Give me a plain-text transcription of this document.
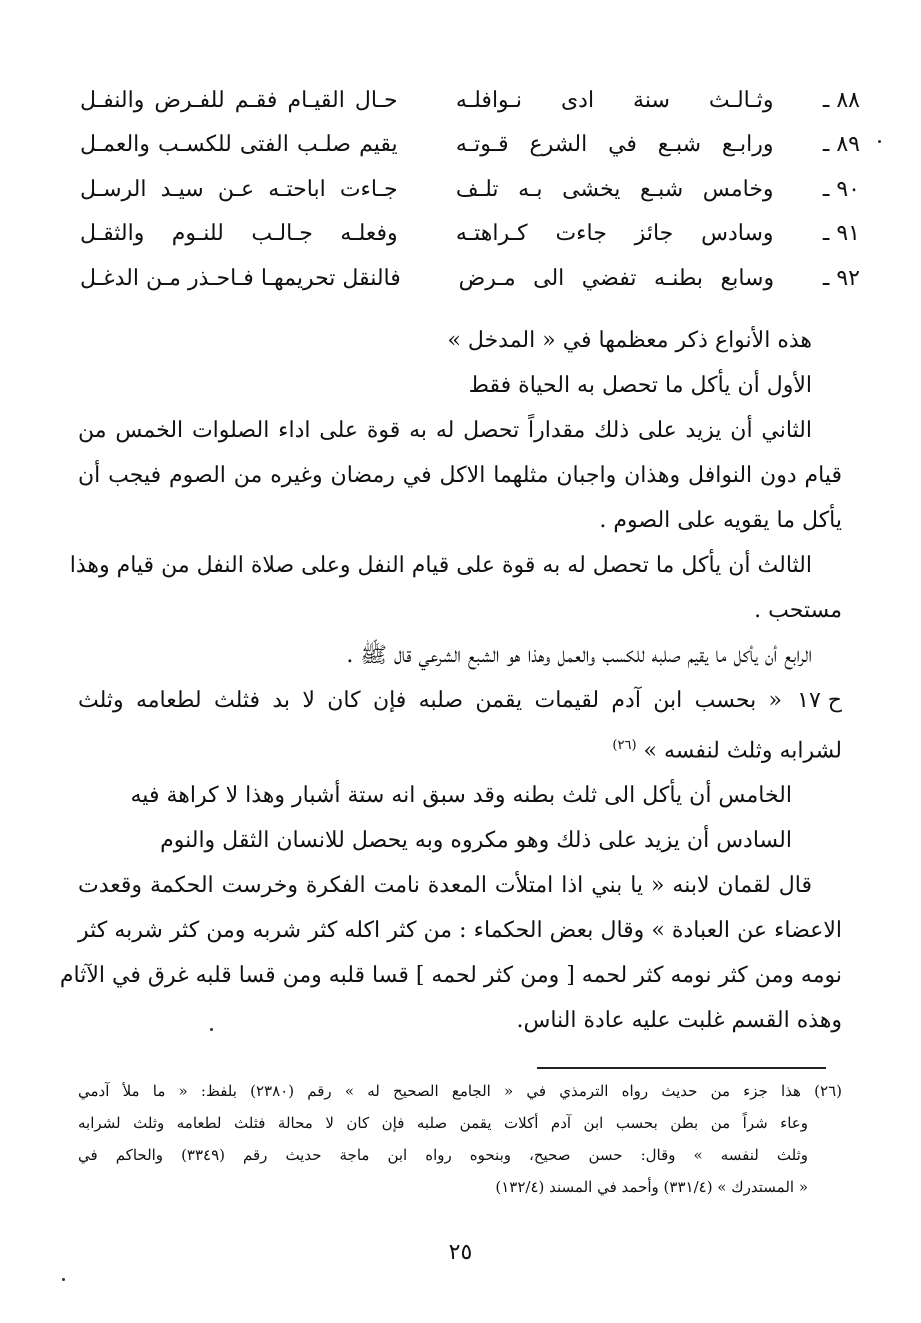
٨٨ ـ
وثـالـث سنة ادى نـوافلـه
حـال القيـام فقـم للفـرض والنفـل
٨٩ ـ
ورابـع شبـع في الشرع قـوتـه
يقيم صلـب الفتى للكسـب والعمـل
٩٠ ـ
وخامس شبـع يخشى بـه تلـف
جـاءت اباحتـه عـن سيـد الرسـل
٩١ ـ
وسادس جائز جاءت كـراهتـه
وفعلـه جـالـب للنـوم والثقـل
٩٢ ـ
وسابع بطنـه تفضي الى مـرض
فالنقل تحريمهـا فـاحـذر مـن الدغـل

هذه الأنواع ذكر معظمها في « المدخل »

الأول أن يأكل ما تحصل به الحياة فقط

الثاني أن يزيد على ذلك مقداراً تحصل له به قوة على اداء الصلوات الخمس من

قيام دون النوافل وهذان واجبان مثلهما الاكل في رمضان وغيره من الصوم فيجب أن

يأكل ما يقويه على الصوم .

الثالث أن يأكل ما تحصل له به قوة على قيام النفل وعلى صلاة النفل من قيام وهذا

مستحب .

الرابع أن يأكل ما يقيم صلبه للكسب والعمل وهذا هو الشبع الشرعي قال ﷺ .

ح ١٧
« بحسب ابن آدم لقيمات يقمن صلبه فإن كان لا بد فثلث لطعامه وثلث

لشرابه وثلث لنفسه » $^{(٢٦)}$

الخامس أن يأكل الى ثلث بطنه وقد سبق انه ستة أشبار وهذا لا كراهة فيه

السادس أن يزيد على ذلك وهو مكروه وبه يحصل للانسان الثقل والنوم

قال لقمان لابنه « يا بني اذا امتلأت المعدة نامت الفكرة وخرست الحكمة وقعدت

الاعضاء عن العبادة » وقال بعض الحكماء : من كثر اكله كثر شربه ومن كثر شربه كثر

نومه ومن كثر نومه كثر لحمه [ ومن كثر لحمه ] قسا قلبه ومن قسا قلبه غرق في الآثام

وهذه القسم غلبت عليه عادة الناس.

(٢٦) هذا جزء من حديث رواه الترمذي في « الجامع الصحيح له » رقم (٢٣٨٠) بلفظ: « ما ملأ آدمي

وعاء شراً من بطن بحسب ابن آدم أكلات يقمن صلبه فإن كان لا محالة فثلث لطعامه وثلث لشرابه

وثلث لنفسه » وقال: حسن صحيح، وبنحوه رواه ابن ماجة حديث رقم (٣٣٤٩) والحاكم في

« المستدرك » (٣٣١/٤) وأحمد في المسند (١٣٢/٤)

٢٥
